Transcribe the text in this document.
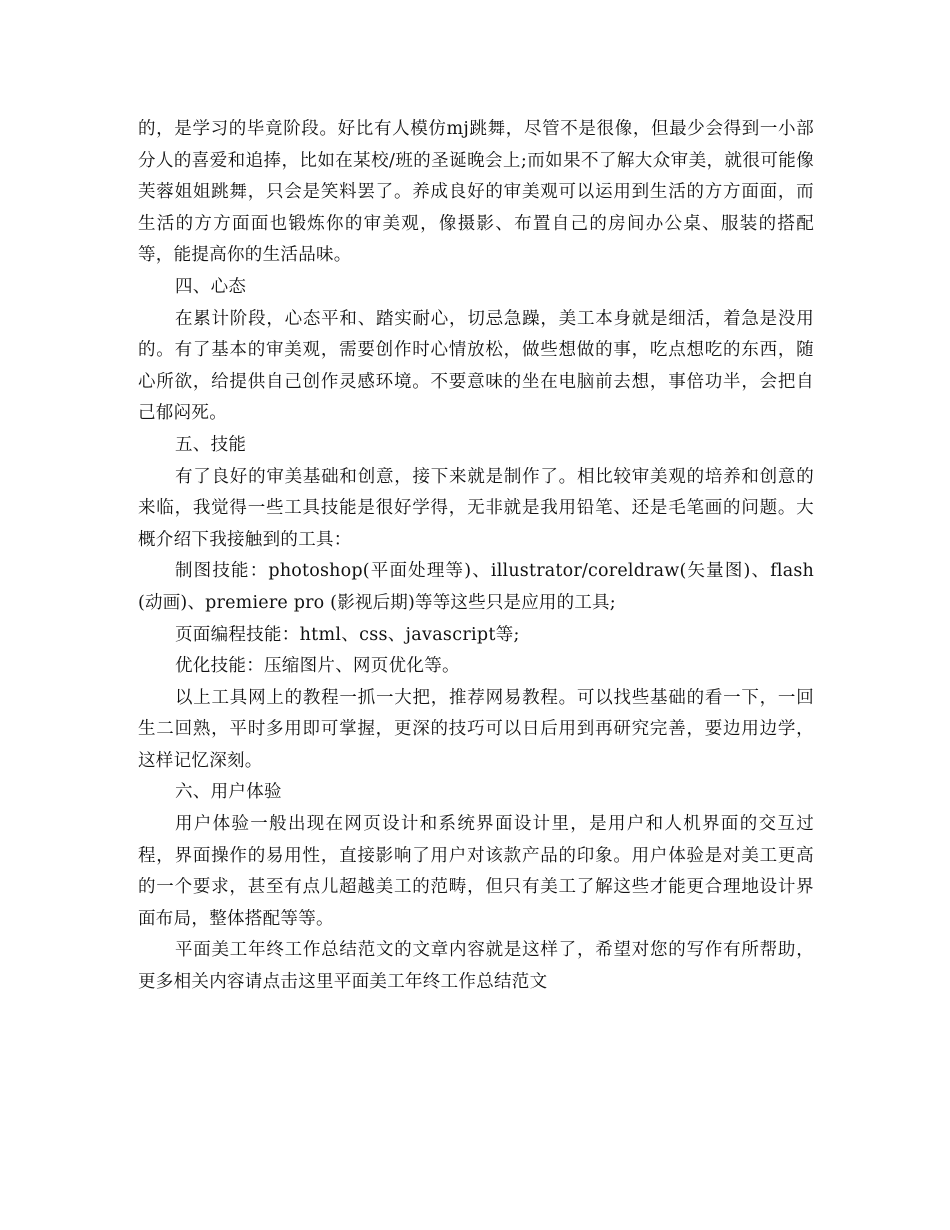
的，是学习的毕竟阶段。好比有人模仿mj跳舞，尽管不是很像，但最少会得到一小部分人的喜爱和追捧，比如在某校/班的圣诞晚会上;而如果不了解大众审美，就很可能像芙蓉姐姐跳舞，只会是笑料罢了。养成良好的审美观可以运用到生活的方方面面，而生活的方方面面也锻炼你的审美观，像摄影、布置自己的房间办公桌、服装的搭配等，能提高你的生活品味。

四、心态

在累计阶段，心态平和、踏实耐心，切忌急躁，美工本身就是细活，着急是没用的。有了基本的审美观，需要创作时心情放松，做些想做的事，吃点想吃的东西，随心所欲，给提供自己创作灵感环境。不要意味的坐在电脑前去想，事倍功半，会把自己郁闷死。

五、技能

有了良好的审美基础和创意，接下来就是制作了。相比较审美观的培养和创意的来临，我觉得一些工具技能是很好学得，无非就是我用铅笔、还是毛笔画的问题。大概介绍下我接触到的工具：

制图技能：photoshop(平面处理等)、illustrator/coreldraw(矢量图)、flash(动画)、premiere pro (影视后期)等等这些只是应用的工具;

页面编程技能：html、css、javascript等;

优化技能：压缩图片、网页优化等。

以上工具网上的教程一抓一大把，推荐网易教程。可以找些基础的看一下，一回生二回熟，平时多用即可掌握，更深的技巧可以日后用到再研究完善，要边用边学，这样记忆深刻。

六、用户体验

用户体验一般出现在网页设计和系统界面设计里，是用户和人机界面的交互过程，界面操作的易用性，直接影响了用户对该款产品的印象。用户体验是对美工更高的一个要求，甚至有点儿超越美工的范畴，但只有美工了解这些才能更合理地设计界面布局，整体搭配等等。

平面美工年终工作总结范文的文章内容就是这样了，希望对您的写作有所帮助，更多相关内容请点击这里平面美工年终工作总结范文
